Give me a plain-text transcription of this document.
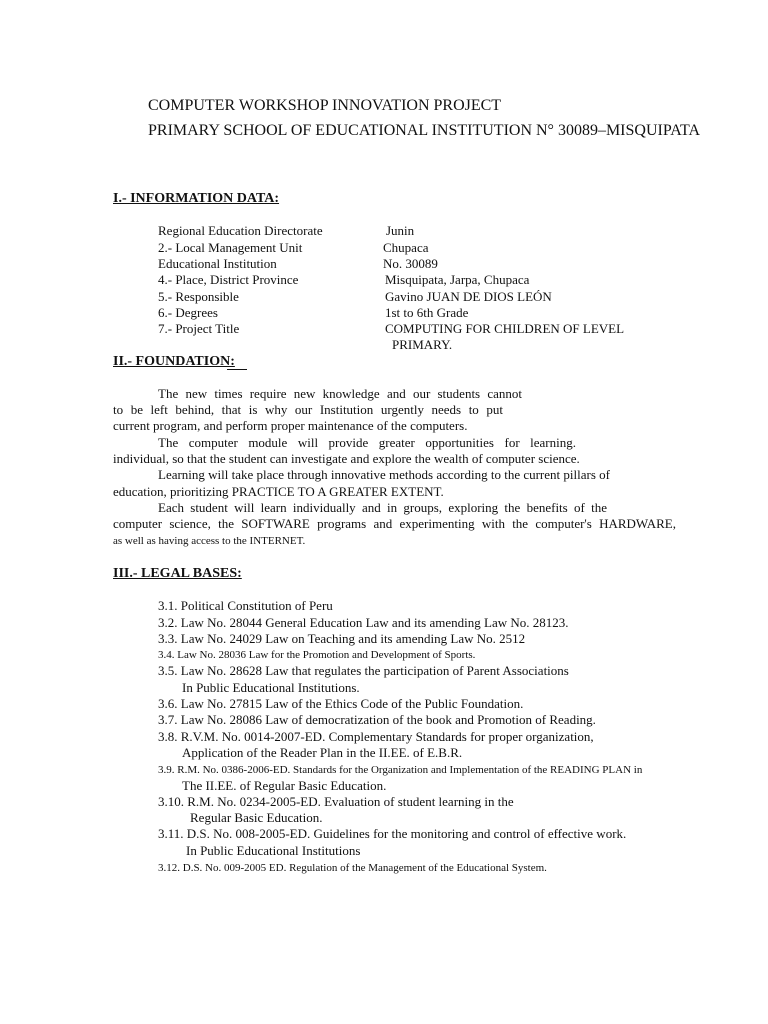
COMPUTER WORKSHOP INNOVATION PROJECT
PRIMARY SCHOOL OF EDUCATIONAL INSTITUTION N° 30089–MISQUIPATA
I.- INFORMATION DATA:
Regional Education Directorate	Junin
2.- Local Management Unit	Chupaca
Educational Institution	No. 30089
4.- Place, District Province	Misquipata, Jarpa, Chupaca
5.- Responsible	Gavino JUAN DE DIOS LEÓN
6.- Degrees	1st to 6th Grade
7.- Project Title	COMPUTING FOR CHILDREN OF LEVEL
PRIMARY.
II.- FOUNDATION:
The new times require new knowledge and our students cannot
to be left behind, that is why our Institution urgently needs to put
current program, and perform proper maintenance of the computers.
The computer module will provide greater opportunities for learning.
individual, so that the student can investigate and explore the wealth of computer science.
Learning will take place through innovative methods according to the current pillars of
education, prioritizing PRACTICE TO A GREATER EXTENT.
Each student will learn individually and in groups, exploring the benefits of the
computer science, the SOFTWARE programs and experimenting with the computer's HARDWARE,
as well as having access to the INTERNET.
III.- LEGAL BASES:
3.1. Political Constitution of Peru
3.2. Law No. 28044 General Education Law and its amending Law No. 28123.
3.3. Law No. 24029 Law on Teaching and its amending Law No. 2512
3.4. Law No. 28036 Law for the Promotion and Development of Sports.
3.5. Law No. 28628 Law that regulates the participation of Parent Associations
In Public Educational Institutions.
3.6. Law No. 27815 Law of the Ethics Code of the Public Foundation.
3.7. Law No. 28086 Law of democratization of the book and Promotion of Reading.
3.8. R.V.M. No. 0014-2007-ED. Complementary Standards for proper organization,
Application of the Reader Plan in the II.EE. of E.B.R.
3.9. R.M. No. 0386-2006-ED. Standards for the Organization and Implementation of the READING PLAN in
The II.EE. of Regular Basic Education.
3.10. R.M. No. 0234-2005-ED. Evaluation of student learning in the
Regular Basic Education.
3.11. D.S. No. 008-2005-ED. Guidelines for the monitoring and control of effective work.
In Public Educational Institutions
3.12. D.S. No. 009-2005 ED. Regulation of the Management of the Educational System.
